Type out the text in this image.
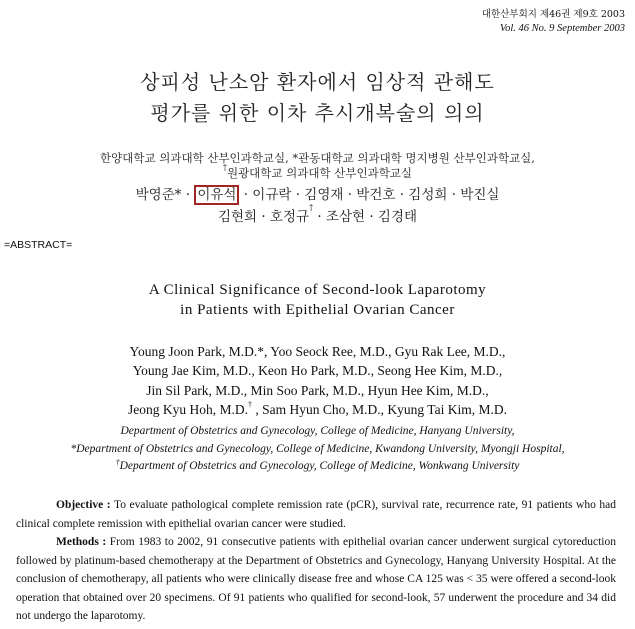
대한산부회지 제46권 제9호 2003
Vol. 46 No. 9 September 2003
상피성 난소암 환자에서 임상적 관해도
평가를 위한 이차 추시개복술의 의의
한양대학교 의과대학 산부인과학교실, *관동대학교 의과대학 명지병원 산부인과학교실,
†원광대학교 의과대학 산부인과학교실
박영준* · 이유석 · 이규락 · 김영재 · 박건호 · 김성희 · 박진실
김현희 · 호정규† · 조삼현 · 김경태
=ABSTRACT=
A Clinical Significance of Second-look Laparotomy
in Patients with Epithelial Ovarian Cancer
Young Joon Park, M.D.*, Yoo Seock Ree, M.D., Gyu Rak Lee, M.D.,
Young Jae Kim, M.D., Keon Ho Park, M.D., Seong Hee Kim, M.D.,
Jin Sil Park, M.D., Min Soo Park, M.D., Hyun Hee Kim, M.D.,
Jeong Kyu Hoh, M.D.† , Sam Hyun Cho, M.D., Kyung Tai Kim, M.D.
Department of Obstetrics and Gynecology, College of Medicine, Hanyang University,
*Department of Obstetrics and Gynecology, College of Medicine, Kwandong University, Myongji Hospital,
†Department of Obstetrics and Gynecology, College of Medicine, Wonkwang University
Objective : To evaluate pathological complete remission rate (pCR), survival rate, recurrence rate, 91 patients who had clinical complete remission with epithelial ovarian cancer were studied.
Methods : From 1983 to 2002, 91 consecutive patients with epithelial ovarian cancer underwent surgical cytoreduction followed by platinum-based chemotherapy at the Department of Obstetrics and Gynecology, Hanyang University Hospital. At the conclusion of chemotherapy, all patients who were clinically disease free and whose CA 125 was < 35 were offered a second-look operation that obtained over 20 specimens. Of 91 patients who qualified for second-look, 57 underwent the procedure and 34 did not undergo the laparotomy.
